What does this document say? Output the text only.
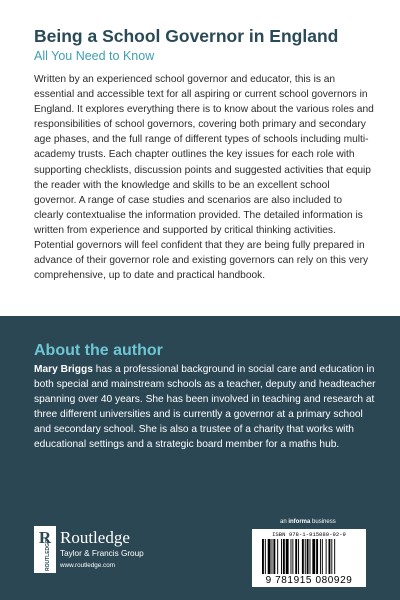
Being a School Governor in England
All You Need to Know
Written by an experienced school governor and educator, this is an essential and accessible text for all aspiring or current school governors in England. It explores everything there is to know about the various roles and responsibilities of school governors, covering both primary and secondary age phases, and the full range of different types of schools including multi-academy trusts. Each chapter outlines the key issues for each role with supporting checklists, discussion points and suggested activities that equip the reader with the knowledge and skills to be an excellent school governor. A range of case studies and scenarios are also included to clearly contextualise the information provided. The detailed information is written from experience and supported by critical thinking activities. Potential governors will feel confident that they are being fully prepared in advance of their governor role and existing governors can rely on this very comprehensive, up to date and practical handbook.
About the author
Mary Briggs has a professional background in social care and education in both special and mainstream schools as a teacher, deputy and headteacher spanning over 40 years. She has been involved in teaching and research at three different universities and is currently a governor at a primary school and secondary school. She is also a trustee of a charity that works with educational settings and a strategic board member for a maths hub.
R
ROUTLEDGE
Routledge
Taylor & Francis Group
www.routledge.com
an informa business
ISBN 978-1-915080-92-9
9 781915 080929
